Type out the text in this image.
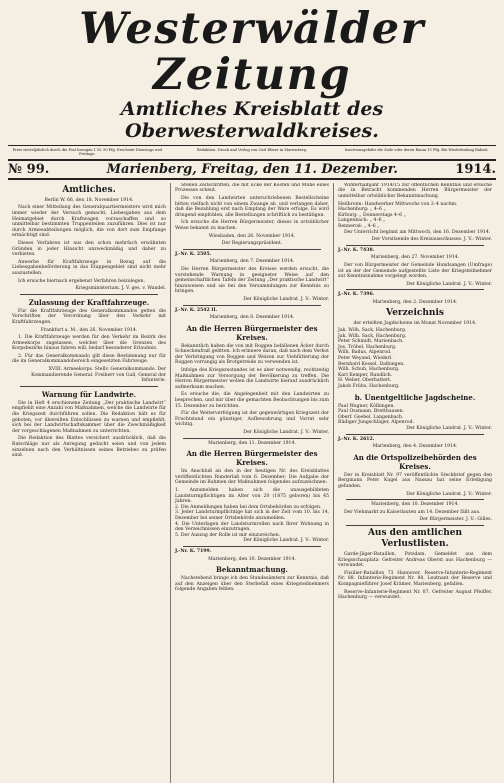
Westerwälder Zeitung
Amtliches Kreisblatt des Oberwesterwaldkreises.
Preis vierteljährlich durch die Post bezogen 1 M. 50 Pfg. Erscheint Dienstags und Freitags.
Redaktion, Druck und Verlag von Carl Ebner in Marienberg.	Insertionsgebühr die Zeile oder deren Raum 15 Pfg. Bei Wiederholung Rabatt.
№ 99.	Marienberg, Freitag, den 11. Dezember.	1914.
Amtliches.

Berlin W. 66, den 18. November 1914.

Nach einer Mitteilung des Generalquartiermeisters wird mich immer wieder der Versuch gemacht, Liebesgaben aus dem Heimatgebiet durch Kraftwagen vorzuschaffen und so unmittelbar bestimmten Truppenteilen zuzuführen. Dies ist nur durch Armeeabteilungen möglich, die von dort zum Empfange ermächtigt sind.

Dieses Verfahren ist aus den schon mehrfach erwähnten Gründen in jeder Hinsicht unzweckmäßig und daher zu verbieten.

Anwerbe für Kraftfahrzeuge in Bezug auf die Liebesgabenbeförderung in das Etappengebiet sind nicht mehr auszustellen.

Ich ersuche hiernach ergebenst Verfahren beizulegen.

Kriegsministerium. J. V. ges. v. Wandel.

Zulassung der Kraftfahrzeuge.

Für die Kraftfahrzeuge des Generalkommandos gelten die Vorschriften der Verordnung über den Verkehr mit Kraftfahrzeugen.

Frankfurt a. M., den 26. November 1914.

1. Die Kraftfahrzeuge werden für den Verkehr im Bezirk des Armeekorps zugelassen, welcher über die Grenzen des Korpsbezirks hinaus fahren will, bedarf besonderer Erlaubnis.

2. Für das Generalkommando gilt diese Bestimmung nur für die im Generalkommandobereich eingesetzten Fahrzeuge.

XVIII. Armeekorps. Stellv. Generalkommando. Der Kommandierende General. Freiherr von Gall, General der Infanterie.

Warnung für Landwirte.

Die in Heft 4 erschienene Zeitung „Der praktische Landwirt“ empfiehlt eine Anzahl von Maßnahmen, welche die Landwirte für die Kriegszeit durchführen sollen. Die Redaktion hält es für geboten, vor übereilten Entschlüssen zu warnen und empfiehlt, sich bei der Landwirtschaftskammer über die Zweckmäßigkeit der vorgeschlagenen Maßnahmen zu unterrichten.

Die Redaktion des Blattes versichert ausdrücklich, daß die Ratschläge nur als Anregung gedacht seien und von jedem einzelnen nach den Verhältnissen seines Betriebes zu prüfen sind.

Stellen Zeitschriften, die mit Ecke der Kosten und Mühe eines Prozesses scheut.

Die von den Landwirten unterschriebenen Bestellscheine bitten vielfach nicht von einem Zwange ab, und verlangen daher, daß die Bezahlung erst nach Empfang der Ware erfolge. Es wird dringend empfohlen, alle Bestellungen schriftlich zu bestätigen.

Ich ersuche die Herren Bürgermeister, dieses in ortsüblicher Weise bekannt zu machen.

Wiesbaden, den 26. November 1914.

Der Regierungspräsident.

J.-Nr. K. 2505.

Marienberg, den 7. Dezember 1914.

Die Herren Bürgermeister des Kreises werden ersucht, die vorstehende Warnung in geeigneter Weise auf den gemeinschaftlichen Tafeln der Zeitung „Der praktische Landwirt“ hinzuweisen und sie bei den Versammlungen zur Kenntnis zu bringen.

Der Königliche Landrat. J. V.: Winter.

J.-Nr. K. 2542 II.

Marienberg, den 8. Dezember 1914.

An die Herren Bürgermeister des Kreises.

Bekanntlich haben die von mit Roggen befallenen Äcker durch Schneckenfraß gelitten. Ich erinnere daran, daß nach dem Verbot der Verbringung von Roggen und Weizen zur Viehfütterung der Roggen vorrangig als Brotgetreide zu verwenden ist.

Infolge des Kriegszustandes ist es aber notwendig, rechtzeitig Maßnahmen zur Versorgung der Bevölkerung zu treffen. Die Herren Bürgermeister wollen die Landwirte hierauf ausdrücklich aufmerksam machen.

Es ersuche die, die Angelegenheit mit den Landwirten zu besprechen, und mir über die gemachten Beobachtungen bis zum 15. Dezember zu berichten.

Für die Weiterverfolgung ist der gegenwärtigen Kriegszeit der Fruchtstand ein günstiger, Aufbewahrung und Vorrat sehr wichtig.

Der Königliche Landrat. J. V.: Winter.

Marienberg, den 11. Dezember 1914.

An die Herren Bürgermeister des Kreises.

Im Anschluß an den in der heutigen Nr. des Kreisblattes veröffentlichten Runderlaß vom 6. Dezember: Die Aufgabe der Gemeinde im Rahmen der Maßnahmen folgendes aufzuzeichnen:

1. Anzumelden haben sich die unausgebildeten Landsturmpflichtigen im Alter von 20 (1875 geboren) bis 45 Jahren.
2. Die Anmeldungen haben bei dem Ortsbehörden zu erfolgen.
3. Jeder Landsturmpflichtige hat sich in der Zeit vom 10. bis 14. Dezember bei seiner Ortsbehörde anzumelden.
4. Die Unterlagen der Landsturmrollen nach Ihrer Wohnung in den Verzeichnissen einzutragen.
5. Der Auszug der Rolle ist mir einzureichen.

Der Königliche Landrat. J. V.: Winter.

J.-Nr. K. 7199.

Marienberg, den 10. Dezember 1914.

Bekanntmachung.

Nachstehend bringe ich den Standesämtern zur Kenntnis, daß auf den Anzeigen über den Sterbefall eines Kriegsteilnehmers folgende Angaben fehlen.

Winterhalbjahr 1914/15 zur öffentlichen Kenntnis und ersuche die in Betracht kommenden Herren Bürgermeister der unmittelbar ortsüblicher Bekanntmachung.

Heilbronn: Handwerker Mittwochs von 2–4 nachm.
Hachenburg: „ 4–6 „
Kirburg: „ Donnerstags 4–6 „
Langenbach: „ 4–6 „
Rennerod: „ 4–6 „

Der Unterricht beginnt am Mittwoch, den 16. Dezember 1914.

Der Vorsitzende des Kreisausschusses. J. V.: Winter.

J.-Nr. K. 7438.

Marienberg, den 27. November 1914.

Der von Bürgermeister der Gemeinde Hundsangen (Umfrage) ist an der der Gemeinde aufgestellte Liste der Kriegsteilnehmer zur Kenntnisnahme vorgelegt worden.

Der Königliche Landrat. J. V.: Winter.

J.-Nr. K. 7396.

Marienberg, den 2. Dezember 1914.

Verzeichnis

der erteilten Jagdscheine im Monat November 1914.

Jak. Wilh. Sack, Hachenburg.
Jak. Wilh. Sack, Hachenburg.
Peter Schmidt, Marienbach.
Jos. Tröbel, Hachenburg.
Wilh. Badus, Alpenrod.
Peter Weyand, Wiederl.
Bernhard Kessel, Dalbingen.
Wilh. Schuh, Hachenburg.
Karl Kemper, Rundlich.
H. Weber, Oberhattert.
Jakob Frühs, Hachenburg.
b. Unentgeltliche Jagdscheine.
Paul Wagner, Kölbingen.
Paul Ossmann, Bretthausen.
Oberf. Goebel, Langenbach.
Rüdiger Jungschläger, Alpenrod.

Der Königliche Landrat. J. V.: Winter.

J.-Nr. K. 2612.

Marienberg, den 4. Dezember 1914.

An die Ortspolizeibehörden des Kreises.

Der in Kreisblatt Nr. 97 veröffentlichte Steckbrief gegen den Bergmann Peter Kugel aus Nassau hat seine Erledigung gefunden.

Der Königliche Landrat. J. V.: Winter.

Marienberg, den 10. Dezember 1914.

Der Viehmarkt zu Kaiserlauten am 14. Dezember fällt aus.

Der Bürgermeister. J. V.: Gilles.

Aus den amtlichen Verlustlisten.

Garde-Jäger-Bataillon, Potsdam. Gemeldet aus dem Kriegsschauplatz: Gefreiter Andreas Oberst aus Hachenburg — verwundet.

Füsilier-Bataillon 73 Hannover. Reserve-Infanterie-Regiment Nr. 88. Infanterie-Regiment Nr. 88. Leutnant der Reserve und Kompagnieführer Josef Krämer, Marienberg, gefallen.

Reserve-Infanterie-Regiment Nr. 87. Gefreiter August Pfeiffer, Hachenburg — verwundet.
